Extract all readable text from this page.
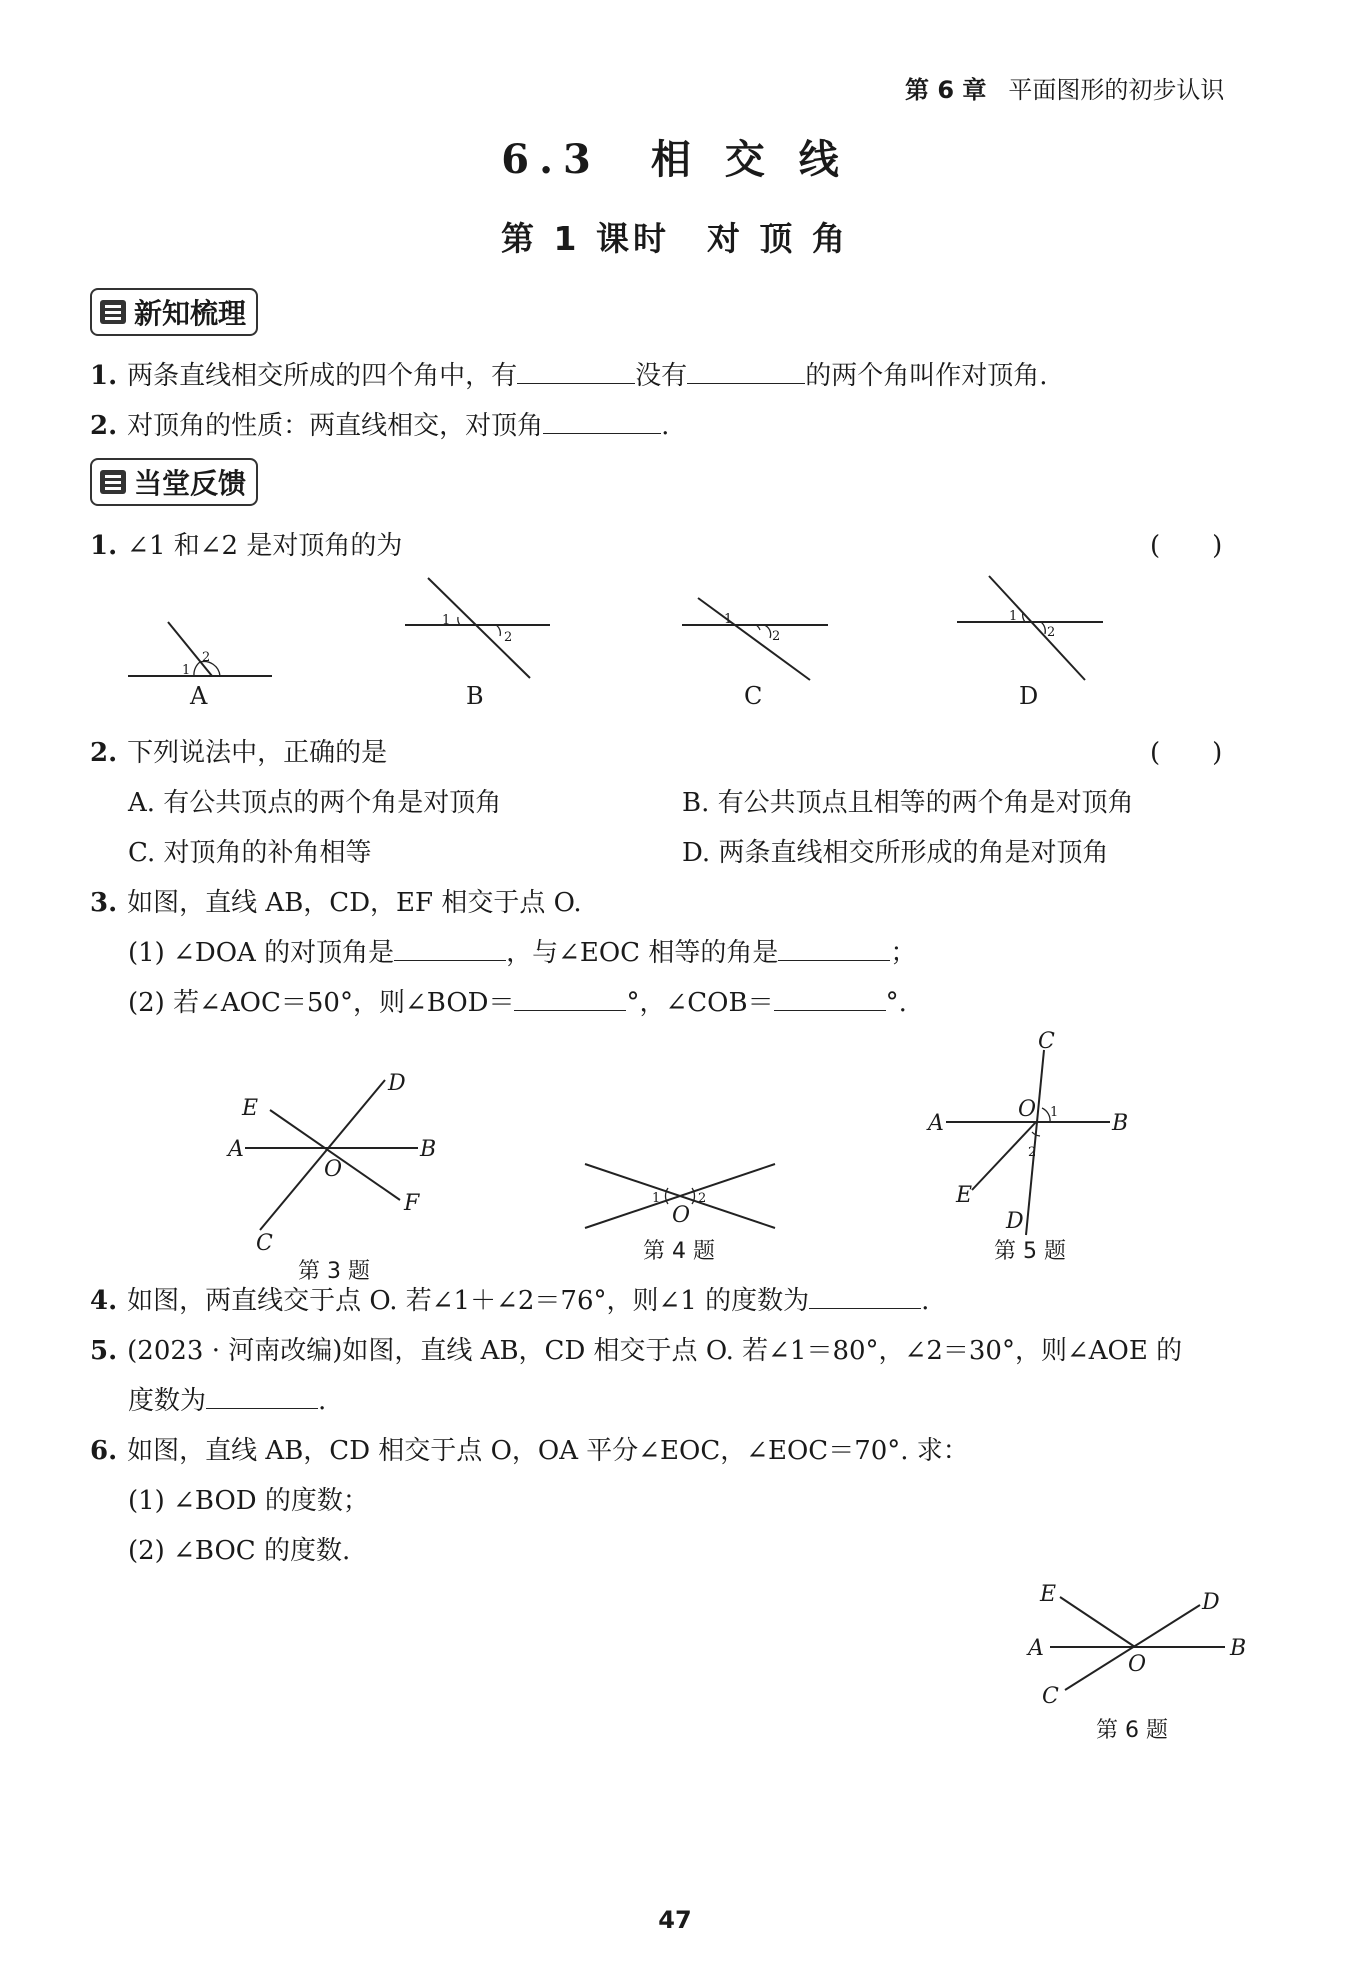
第 6 章 平面图形的初步认识
6.3　相 交 线
第 1 课时　对 顶 角
新知梳理
1. 两条直线相交所成的四个角中，有	没有	的两个角叫作对顶角.
2. 对顶角的性质：两直线相交，对顶角	.
当堂反馈
1. ∠1 和∠2 是对顶角的为	(　　)
1
2
A
1
2
B
1
2
C
1
2
D
2. 下列说法中，正确的是	(　　)
A. 有公共顶点的两个角是对顶角	B. 有公共顶点且相等的两个角是对顶角
C. 对顶角的补角相等	D. 两条直线相交所形成的角是对顶角
3. 如图，直线 AB，CD，EF 相交于点 O.
(1) ∠DOA 的对顶角是	，与∠EOC 相等的角是	；
(2) 若∠AOC＝50°，则∠BOD＝	°，∠COB＝	°.
E
D
A	B
O
F
C
第 3 题
1	2
O
第 4 题
1
2
C
A	B
O
E
D
第 5 题
4. 如图，两直线交于点 O. 若∠1＋∠2＝76°，则∠1 的度数为	.
5. (2023 · 河南改编)如图，直线 AB，CD 相交于点 O. 若∠1＝80°，∠2＝30°，则∠AOE 的
度数为	.
6. 如图，直线 AB，CD 相交于点 O，OA 平分∠EOC，∠EOC＝70°. 求：
(1) ∠BOD 的度数；
(2) ∠BOC 的度数.
E	D
A	B
O
C
第 6 题
47
